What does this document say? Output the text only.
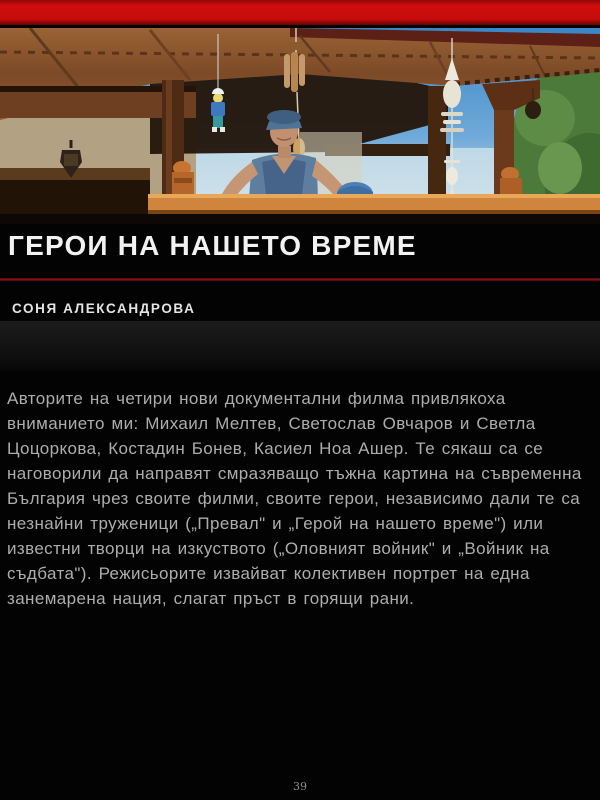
ГЕРОИ НА НАШЕТО ВРЕМЕ
СОНЯ АЛЕКСАНДРОВА

Авторите на четири нови документални филма привлякоха вниманието ми: Михаил Мелтев, Светослав Овчаров и Светла Цоцоркова, Костадин Бонев, Касиел Ноа Ашер. Те сякаш са се наговорили да направят смразяващо тъжна картина на съвременна България чрез своите филми, своите герои, независимо дали те са незнайни труженици („Превал" и „Герой на нашето време") или известни творци на изкуството („Оловният войник" и „Войник на съдбата"). Режисьорите извайват колективен портрет на една занемарена нация, слагат пръст в горящи рани.

39
